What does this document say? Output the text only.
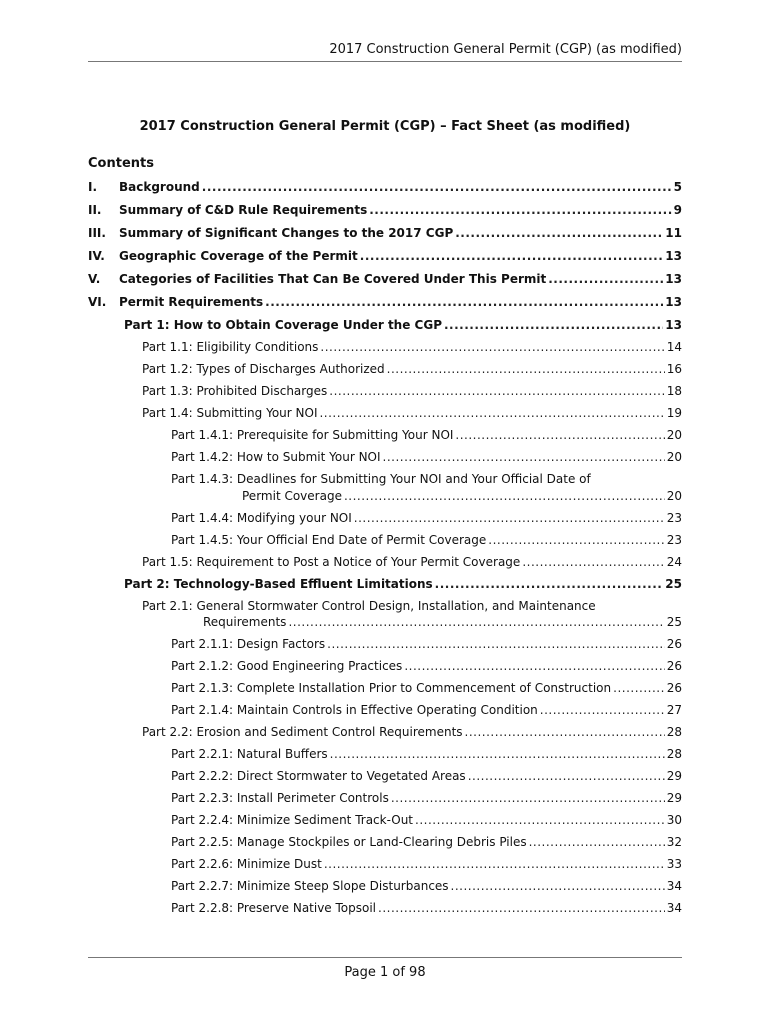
2017 Construction General Permit (CGP) (as modified)
2017 Construction General Permit (CGP) – Fact Sheet (as modified)
Contents
I.	Background .....	5
II.	Summary of C&D Rule Requirements .....	9
III.	Summary of Significant Changes to the 2017 CGP .....	11
IV.	Geographic Coverage of the Permit .....	13
V.	Categories of Facilities That Can Be Covered Under This Permit .....	13
VI.	Permit Requirements .....	13
Part 1: How to Obtain Coverage Under the CGP .....	13
Part 1.1: Eligibility Conditions .....	14
Part 1.2: Types of Discharges Authorized .....	16
Part 1.3: Prohibited Discharges .....	18
Part 1.4: Submitting Your NOI .....	19
Part 1.4.1: Prerequisite for Submitting Your NOI .....	20
Part 1.4.2: How to Submit Your NOI .....	20
Part 1.4.3: Deadlines for Submitting Your NOI and Your Official Date of
Permit Coverage .....	20
Part 1.4.4: Modifying your NOI .....	23
Part 1.4.5: Your Official End Date of Permit Coverage .....	23
Part 1.5: Requirement to Post a Notice of Your Permit Coverage .....	24
Part 2: Technology-Based Effluent Limitations .....	25
Part 2.1: General Stormwater Control Design, Installation, and Maintenance
Requirements .....	25
Part 2.1.1: Design Factors .....	26
Part 2.1.2: Good Engineering Practices .....	26
Part 2.1.3: Complete Installation Prior to Commencement of Construction .....	26
Part 2.1.4: Maintain Controls in Effective Operating Condition .....	27
Part 2.2: Erosion and Sediment Control Requirements .....	28
Part 2.2.1: Natural Buffers .....	28
Part 2.2.2: Direct Stormwater to Vegetated Areas .....	29
Part 2.2.3: Install Perimeter Controls .....	29
Part 2.2.4: Minimize Sediment Track-Out .....	30
Part 2.2.5: Manage Stockpiles or Land-Clearing Debris Piles .....	32
Part 2.2.6: Minimize Dust .....	33
Part 2.2.7: Minimize Steep Slope Disturbances .....	34
Part 2.2.8: Preserve Native Topsoil .....	34
Page 1 of 98
